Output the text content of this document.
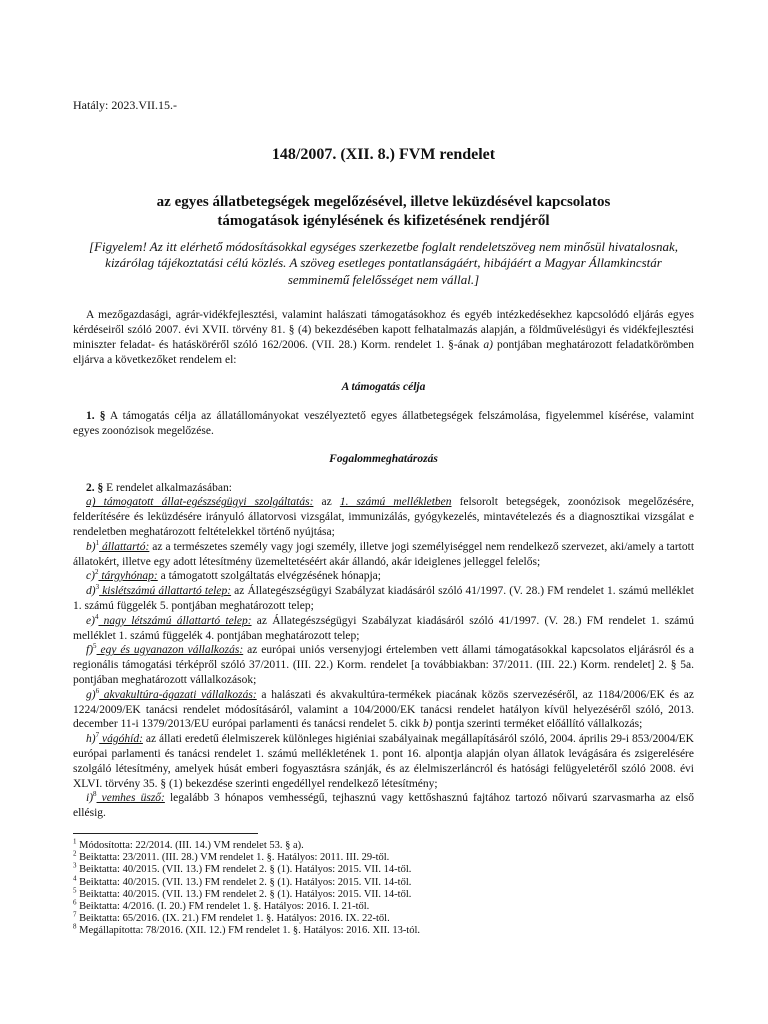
Hatály: 2023.VII.15.-

148/2007. (XII. 8.) FVM rendelet

az egyes állatbetegségek megelőzésével, illetve leküzdésével kapcsolatos
támogatások igénylésének és kifizetésének rendjéről

[Figyelem! Az itt elérhető módosításokkal egységes szerkezetbe foglalt rendeletszöveg nem minősül hivatalosnak, kizárólag tájékoztatási célú közlés. A szöveg esetleges pontatlanságáért, hibájáért a Magyar Államkincstár semminemű felelősséget nem vállal.]

A mezőgazdasági, agrár-vidékfejlesztési, valamint halászati támogatásokhoz és egyéb intézkedésekhez kapcsolódó eljárás egyes kérdéseiről szóló 2007. évi XVII. törvény 81. § (4) bekezdésében kapott felhatalmazás alapján, a földművelésügyi és vidékfejlesztési miniszter feladat- és hatásköréről szóló 162/2006. (VII. 28.) Korm. rendelet 1. §-ának a) pontjában meghatározott feladatkörömben eljárva a következőket rendelem el:

A támogatás célja

1. § A támogatás célja az állatállományokat veszélyeztető egyes állatbetegségek felszámolása, figyelemmel kísérése, valamint egyes zoonózisok megelőzése.

Fogalommeghatározás

2. § E rendelet alkalmazásában:

a) támogatott állat-egészségügyi szolgáltatás: az 1. számú mellékletben felsorolt betegségek, zoonózisok megelőzésére, felderítésére és leküzdésére irányuló állatorvosi vizsgálat, immunizálás, gyógykezelés, mintavételezés és a diagnosztikai vizsgálat e rendeletben meghatározott feltételekkel történő nyújtása;

b)$^1$ állattartó: az a természetes személy vagy jogi személy, illetve jogi személyiséggel nem rendelkező szervezet, aki/amely a tartott állatokért, illetve egy adott létesítmény üzemeltetéséért akár állandó, akár ideiglenes jelleggel felelős;

c)$^2$ tárgyhónap: a támogatott szolgáltatás elvégzésének hónapja;

d)$^3$ kislétszámú állattartó telep: az Állategészségügyi Szabályzat kiadásáról szóló 41/1997. (V. 28.) FM rendelet 1. számú melléklet 1. számú függelék 5. pontjában meghatározott telep;

e)$^4$ nagy létszámú állattartó telep: az Állategészségügyi Szabályzat kiadásáról szóló 41/1997. (V. 28.) FM rendelet 1. számú melléklet 1. számú függelék 4. pontjában meghatározott telep;

f)$^5$ egy és ugyanazon vállalkozás: az európai uniós versenyjogi értelemben vett állami támogatásokkal kapcsolatos eljárásról és a regionális támogatási térképről szóló 37/2011. (III. 22.) Korm. rendelet [a továbbiakban: 37/2011. (III. 22.) Korm. rendelet] 2. § 5a. pontjában meghatározott vállalkozások;

g)$^6$ akvakultúra-ágazati vállalkozás: a halászati és akvakultúra-termékek piacának közös szervezéséről, az 1184/2006/EK és az 1224/2009/EK tanácsi rendelet módosításáról, valamint a 104/2000/EK tanácsi rendelet hatályon kívül helyezéséről szóló, 2013. december 11-i 1379/2013/EU európai parlamenti és tanácsi rendelet 5. cikk b) pontja szerinti terméket előállító vállalkozás;

h)$^7$ vágóhíd: az állati eredetű élelmiszerek különleges higiéniai szabályainak megállapításáról szóló, 2004. április 29-i 853/2004/EK európai parlamenti és tanácsi rendelet 1. számú mellékletének 1. pont 16. alpontja alapján olyan állatok levágására és zsigerelésére szolgáló létesítmény, amelyek húsát emberi fogyasztásra szánják, és az élelmiszerláncról és hatósági felügyeletéről szóló 2008. évi XLVI. törvény 35. § (1) bekezdése szerinti engedéllyel rendelkező létesítmény;

i)$^8$ vemhes üsző: legalább 3 hónapos vemhességű, tejhasznú vagy kettőshasznú fajtához tartozó nőivarú szarvasmarha az első ellésig.

$^1$ Módosította: 22/2014. (III. 14.) VM rendelet 53. § a).

$^2$ Beiktatta: 23/2011. (III. 28.) VM rendelet 1. §. Hatályos: 2011. III. 29-től.

$^3$ Beiktatta: 40/2015. (VII. 13.) FM rendelet 2. § (1). Hatályos: 2015. VII. 14-től.

$^4$ Beiktatta: 40/2015. (VII. 13.) FM rendelet 2. § (1). Hatályos: 2015. VII. 14-től.

$^5$ Beiktatta: 40/2015. (VII. 13.) FM rendelet 2. § (1). Hatályos: 2015. VII. 14-től.

$^6$ Beiktatta: 4/2016. (I. 20.) FM rendelet 1. §. Hatályos: 2016. I. 21-től.

$^7$ Beiktatta: 65/2016. (IX. 21.) FM rendelet 1. §. Hatályos: 2016. IX. 22-től.

$^8$ Megállapította: 78/2016. (XII. 12.) FM rendelet 1. §. Hatályos: 2016. XII. 13-tól.
